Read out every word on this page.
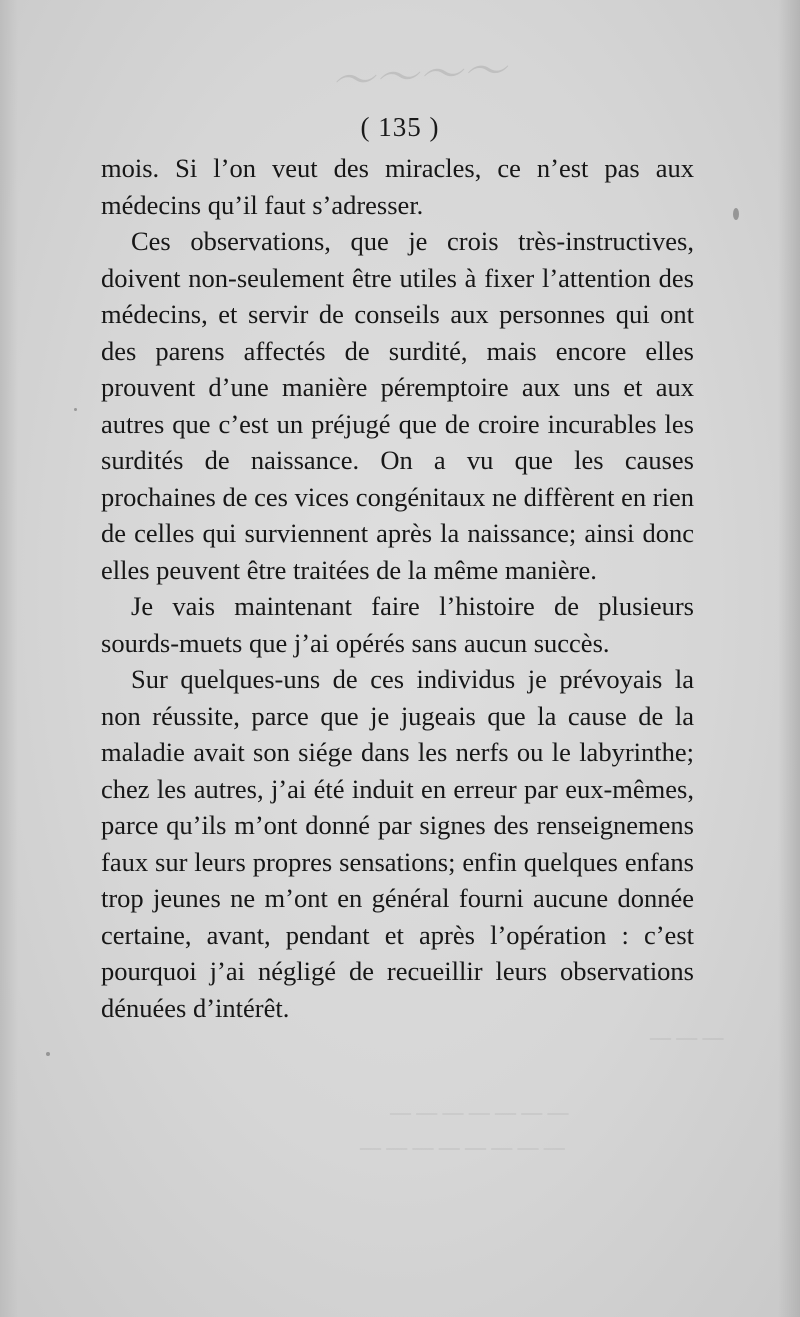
〜〜〜〜
— — —
— — — — — — —
— — — — — — — —
( 135 )

mois. Si l’on veut des miracles, ce n’est pas aux médecins qu’il faut s’adresser.

Ces observations, que je crois très-instructives, doivent non-seulement être utiles à fixer l’attention des médecins, et servir de conseils aux personnes qui ont des parens affectés de surdité, mais encore elles prouvent d’une manière péremptoire aux uns et aux autres que c’est un préjugé que de croire incurables les surdités de naissance. On a vu que les causes prochaines de ces vices congénitaux ne diffèrent en rien de celles qui surviennent après la naissance; ainsi donc elles peuvent être traitées de la même manière.

Je vais maintenant faire l’histoire de plusieurs sourds-muets que j’ai opérés sans aucun succès.

Sur quelques-uns de ces individus je prévoyais la non réussite, parce que je jugeais que la cause de la maladie avait son siége dans les nerfs ou le labyrinthe; chez les autres, j’ai été induit en erreur par eux-mêmes, parce qu’ils m’ont donné par signes des renseignemens faux sur leurs propres sensations; enfin quelques enfans trop jeunes ne m’ont en général fourni aucune donnée certaine, avant, pendant et après l’opération : c’est pourquoi j’ai négligé de recueillir leurs observations dénuées d’intérêt.
